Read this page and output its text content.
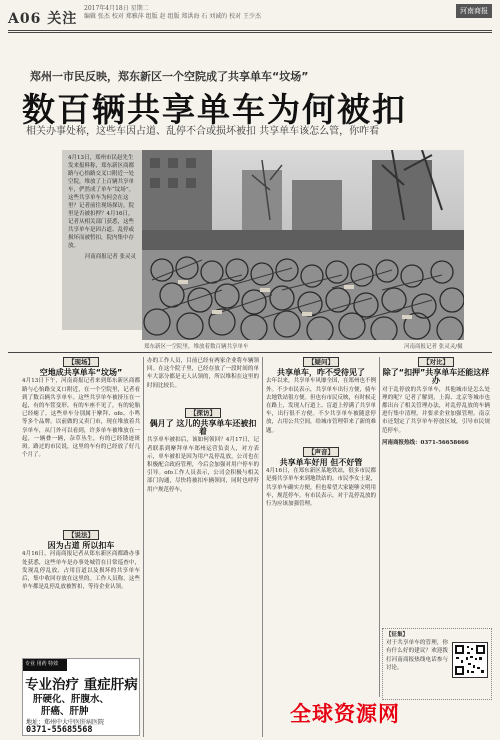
A06 关注
2017年4月18日 星期二
编辑 张杰 校对 郑雅萍 组版 赵 组版 郑洪海 石 刘诚的 校对 王少杰
河南商报
郑州一市民反映，郑东新区一个空院成了共享单车“坟场”
数百辆共享单车为何被扣
相关办事处称，这些车因占道、乱停不合或损坏被扣 共享单车该怎么管，你咋看
4月13日，郑州市民赵先生发来报料称，郑东新区商都路与心怡路交叉口附近一处空院，堆放了上百辆共享单车，俨然成了单车“坟场”。这些共享单车为何会在这里？记者前往现场探访，院里是否被扣押？4月16日，记者从相关部门获悉，这些共享单车是因占道、乱停或损坏而被暂扣，院内集中存放。
河南商报记者 张灵灵
郑东新区一空院里，堆放着数百辆共享单车	河南商报记者 张灵灵/摄
【现场】
空地成共享单车“坟场”
4月13日下午，河南商报记者来到郑东新区商都路与心怡路交叉口附近，在一个空院里，记者看到了数百辆共享单车。这些共享单车被挤压在一起，有的车筐变形，有的车座不见了，有的轮胎已经瘪了。这些单车分别属于摩拜、ofo、小鸣等多个品牌。以前做的义卖门市，现在堆放着共享单车，从门外可以看到，许多单车被堆放在一起，一辆叠一辆，杂草丛生，有的已经锈迹斑斑。路过的市民说，这里的车有的已经放了好几个月了。
【说法】
因为占道 所以扣车
4月16日，河南商报记者从郑东新区商都路办事处获悉，这些单车是办事处城管在日常巡查中，发现乱停乱放、占用盲道以及损坏的共享单车后，集中收回存放在这里的。工作人员称，这些单车都是乱停乱放被暂扣，等待企业认领。
专业 用药 特效
专业治疗 重症肝病
肝硬化、肝腹水、
肝癌、肝肿
地址：郑州中大中医肝病医院
0371-55685568
办的工作人员，目前已经有两家企业将车辆领回。在这个院子里，已经存放了一段时间的单车大部分都是无人认领的，所以堆积在这里的时间比较长。
【探访】
偶月了 这儿的共享单车还被扣着
共享单车被扣后，该如何领回？4月17日，记者联系到摩拜单车郑州运营负责人，对方表示，单车被扣是因为用户乱停乱放，公司也在积极配合政府管理，今后会加强对用户停车的引导。ofo工作人员表示，公司会积极与相关部门沟通，尽快将被扣车辆领回，同时也呼吁用户规范停车。
【疑问】
共享单车，咋不受待见了
去年以来，共享单车风靡全国，在郑州也不例外。不少市民表示，共享单车出行方便，骑车去地铁站很方便。但也有市民反映，有时候走在路上，发现人行道上、盲道上停满了共享单车，出行很不方便。不少共享单车被随意停放，占用公共空间，给城市管理带来了新的难题。
【声音】
共享单车好用 但不好管
4月16日，在郑东新区某地铁站，很多市民都是骑共享单车来到地铁站的。市民李女士说，共享单车确实方便，但也希望大家能够文明用车，规范停车。有市民表示，对于乱停乱放的行为应该加强管理。
【对比】
除了“扣押”共享单车还能这样办
对于乱停放的共享单车，其他城市是怎么处理的呢？记者了解到，上海、北京等城市也都出台了相关管理办法，对乱停乱放的车辆进行集中清理，并要求企业加强管理。南京市还划定了共享单车停放区域，引导市民规范停车。
河南商报热线：0371-56658666
【征集】
对于共享单车的管理，你有什么好的建议？欢迎拨打河南商报热线电话参与讨论。
全球资源网
